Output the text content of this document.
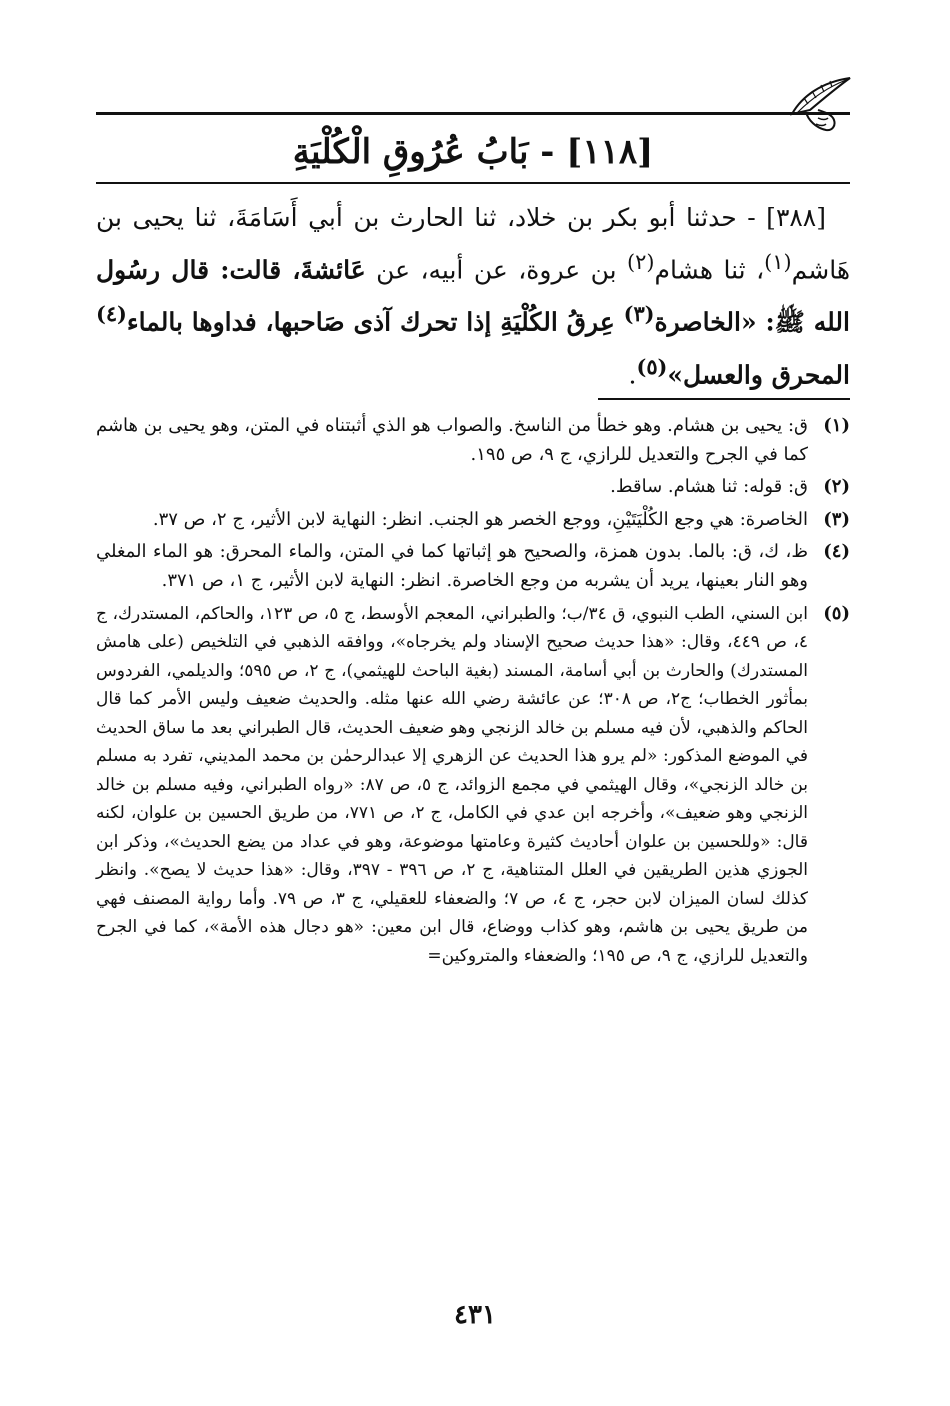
[١١٨] - بَابُ عُرُوقِ الْكُلْيَةِ

[٣٨٨] - حدثنا أبو بكر بن خلاد، ثنا الحارث بن أبي أَسَامَةَ، ثنا يحيى بن هَاشم$^{(١)}$، ثنا هشام$^{(٢)}$ بن عروة، عن أبيه، عن عَائشةَ، قالت: قال رسُول الله ﷺ: «الخاصرة$^{(٣)}$ عِرقُ الكُلْيَةِ إذا تحرك آذى صَاحبها، فداوها بالماء$^{(٤)}$ المحرق والعسل»$^{(٥)}$.

(١)
ق: يحيى بن هشام. وهو خطأ من الناسخ. والصواب هو الذي أثبتناه في المتن، وهو يحيى بن هاشم كما في الجرح والتعديل للرازي، ج ٩، ص ١٩٥.
(٢)
ق: قوله: ثنا هشام. ساقط.
(٣)
الخاصرة: هي وجع الكُلْيَتَيْنِ، ووجع الخصر هو الجنب. انظر: النهاية لابن الأثير، ج ٢، ص ٣٧.
(٤)
ظ، ك، ق: بالما. بدون همزة، والصحيح هو إثباتها كما في المتن، والماء المحرق: هو الماء المغلي وهو النار بعينها، يريد أن يشربه من وجع الخاصرة. انظر: النهاية لابن الأثير، ج ١، ص ٣٧١.
(٥)
ابن السني، الطب النبوي، ق ٣٤/ب؛ والطبراني، المعجم الأوسط، ج ٥، ص ١٢٣، والحاكم، المستدرك، ج ٤، ص ٤٤٩، وقال: «هذا حديث صحيح الإسناد ولم يخرجاه»، ووافقه الذهبي في التلخيص (على هامش المستدرك) والحارث بن أبي أسامة، المسند (بغية الباحث للهيثمي)، ج ٢، ص ٥٩٥؛ والديلمي، الفردوس بمأثور الخطاب؛ ج٢، ص ٣٠٨؛ عن عائشة رضي الله عنها مثله. والحديث ضعيف وليس الأمر كما قال الحاكم والذهبي، لأن فيه مسلم بن خالد الزنجي وهو ضعيف الحديث، قال الطبراني بعد ما ساق الحديث في الموضع المذكور: «لم يرو هذا الحديث عن الزهري إلا عبدالرحمٰن بن محمد المديني، تفرد به مسلم بن خالد الزنجي»، وقال الهيثمي في مجمع الزوائد، ج ٥، ص ٨٧: «رواه الطبراني، وفيه مسلم بن خالد الزنجي وهو ضعيف»، وأخرجه ابن عدي في الكامل، ج ٢، ص ٧٧١، من طريق الحسين بن علوان، لكنه قال: «وللحسين بن علوان أحاديث كثيرة وعامتها موضوعة، وهو في عداد من يضع الحديث»، وذكر ابن الجوزي هذين الطريقين في العلل المتناهية، ج ٢، ص ٣٩٦ - ٣٩٧، وقال: «هذا حديث لا يصح». وانظر كذلك لسان الميزان لابن حجر، ج ٤، ص ٧؛ والضعفاء للعقيلي، ج ٣، ص ٧٩. وأما رواية المصنف فهي من طريق يحيى بن هاشم، وهو كذاب ووضاع، قال ابن معين: «هو دجال هذه الأمة»، كما في الجرح والتعديل للرازي، ج ٩، ص ١٩٥؛ والضعفاء والمتروكين=
٤٣١
